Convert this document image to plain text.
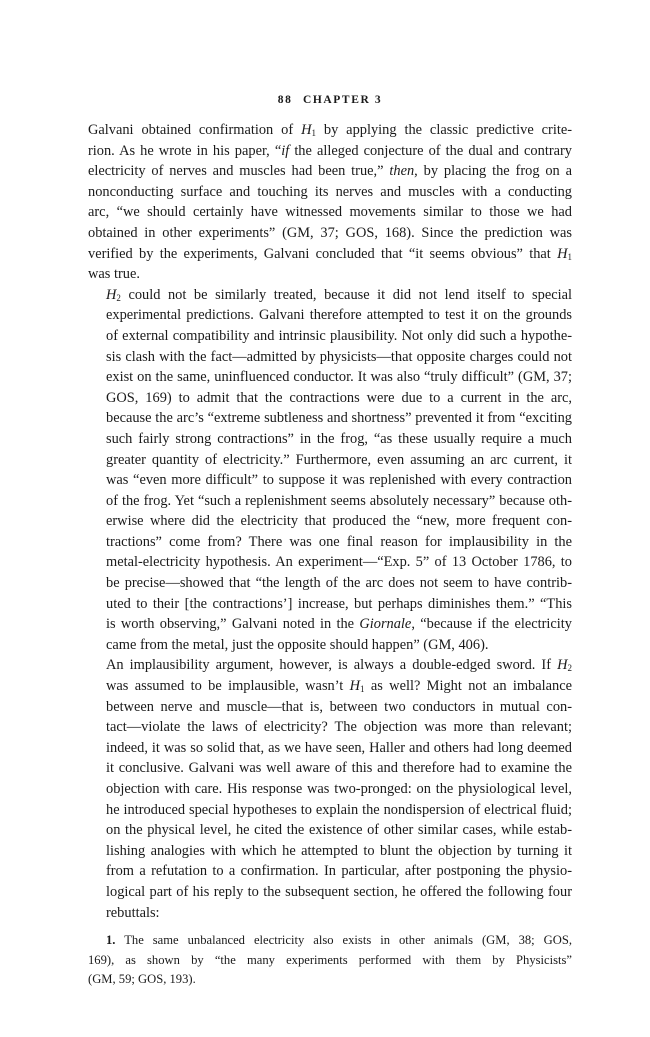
88 CHAPTER 3

Galvani obtained confirmation of $H_1$ by applying the classic predictive crite-
rion. As he wrote in his paper, “if the alleged conjecture of the dual and contrary
electricity of nerves and muscles had been true,” then, by placing the frog on a
nonconducting surface and touching its nerves and muscles with a conducting
arc, “we should certainly have witnessed movements similar to those we had
obtained in other experiments” (GM, 37; GOS, 168). Since the prediction was
verified by the experiments, Galvani concluded that “it seems obvious” that $H_1$
was true.

$H_2$ could not be similarly treated, because it did not lend itself to special
experimental predictions. Galvani therefore attempted to test it on the grounds
of external compatibility and intrinsic plausibility. Not only did such a hypothe-
sis clash with the fact—admitted by physicists—that opposite charges could not
exist on the same, uninfluenced conductor. It was also “truly difficult” (GM, 37;
GOS, 169) to admit that the contractions were due to a current in the arc,
because the arc’s “extreme subtleness and shortness” prevented it from “exciting
such fairly strong contractions” in the frog, “as these usually require a much
greater quantity of electricity.” Furthermore, even assuming an arc current, it
was “even more difficult” to suppose it was replenished with every contraction
of the frog. Yet “such a replenishment seems absolutely necessary” because oth-
erwise where did the electricity that produced the “new, more frequent con-
tractions” come from? There was one final reason for implausibility in the
metal-electricity hypothesis. An experiment—“Exp. 5” of 13 October 1786, to
be precise—showed that “the length of the arc does not seem to have contrib-
uted to their [the contractions’] increase, but perhaps diminishes them.” “This
is worth observing,” Galvani noted in the Giornale, “because if the electricity
came from the metal, just the opposite should happen” (GM, 406).

An implausibility argument, however, is always a double-edged sword. If $H_2$
was assumed to be implausible, wasn’t $H_1$ as well? Might not an imbalance
between nerve and muscle—that is, between two conductors in mutual con-
tact—violate the laws of electricity? The objection was more than relevant;
indeed, it was so solid that, as we have seen, Haller and others had long deemed
it conclusive. Galvani was well aware of this and therefore had to examine the
objection with care. His response was two-pronged: on the physiological level,
he introduced special hypotheses to explain the nondispersion of electrical fluid;
on the physical level, he cited the existence of other similar cases, while estab-
lishing analogies with which he attempted to blunt the objection by turning it
from a refutation to a confirmation. In particular, after postponing the physio-
logical part of his reply to the subsequent section, he offered the following four
rebuttals:

1. The same unbalanced electricity also exists in other animals (GM, 38; GOS,
169), as shown by “the many experiments performed with them by Physicists”
(GM, 59; GOS, 193).
